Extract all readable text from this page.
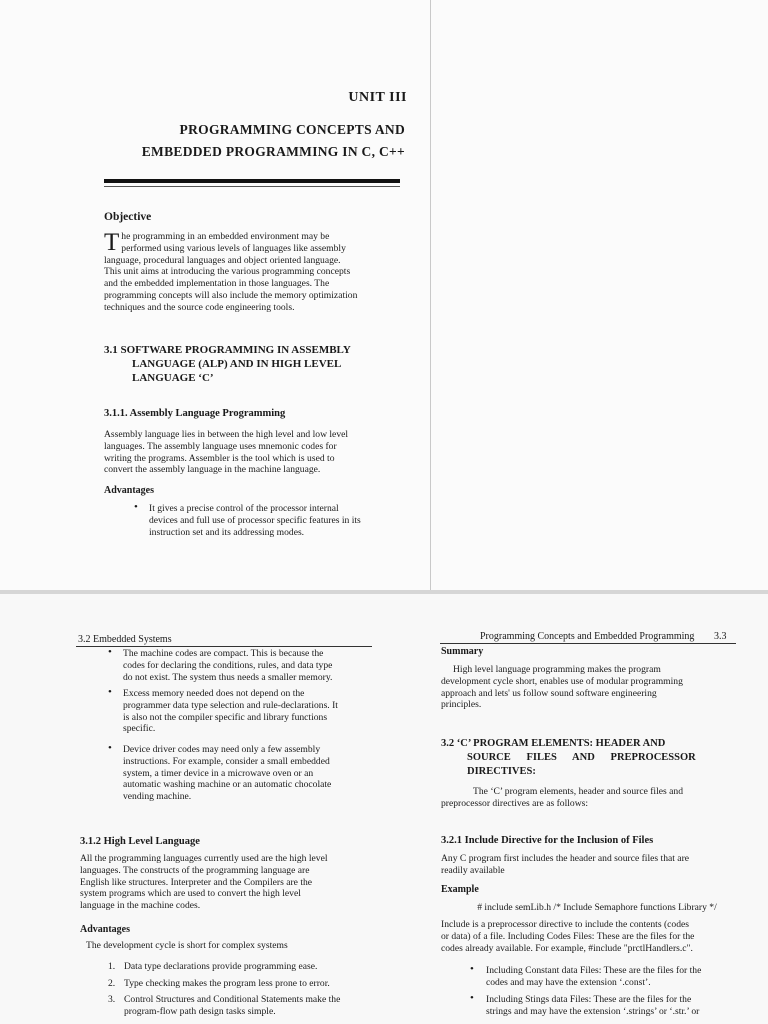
UNIT III
PROGRAMMING CONCEPTS AND
EMBEDDED PROGRAMMING IN C, C++
Objective
T he programming in an embedded environment may be
performed using various levels of languages like assembly
language, procedural languages and object oriented language.
This unit aims at introducing the various programming concepts
and the embedded implementation in those languages. The
programming concepts will also include the memory optimization
techniques and the source code engineering tools.
3.1 SOFTWARE PROGRAMMING IN ASSEMBLY
LANGUAGE (ALP) AND IN HIGH LEVEL
LANGUAGE ‘C’
3.1.1. Assembly Language Programming
Assembly language lies in between the high level and low level
languages. The assembly language uses mnemonic codes for
writing the programs. Assembler is the tool which is used to
convert the assembly language in the machine language.
Advantages
• It gives a precise control of the processor internal
devices and full use of processor specific features in its
instruction set and its addressing modes.
3.2 Embedded Systems
• The machine codes are compact. This is because the
codes for declaring the conditions, rules, and data type
do not exist. The system thus needs a smaller memory.
• Excess memory needed does not depend on the
programmer data type selection and rule-declarations. It
is also not the compiler specific and library functions
specific.
• Device driver codes may need only a few assembly
instructions. For example, consider a small embedded
system, a timer device in a microwave oven or an
automatic washing machine or an automatic chocolate
vending machine.
3.1.2 High Level Language
All the programming languages currently used are the high level
languages. The constructs of the programming language are
English like structures. Interpreter and the Compilers are the
system programs which are used to convert the high level
language in the machine codes.
Advantages
The development cycle is short for complex systems
1. Data type declarations provide programming ease.
2. Type checking makes the program less prone to error.
3. Control Structures and Conditional Statements make the
program-flow path design tasks simple.
Programming Concepts and Embedded Programming 3.3
Summary
High level language programming makes the program
development cycle short, enables use of modular programming
approach and lets' us follow sound software engineering
principles.
3.2 ‘C’ PROGRAM ELEMENTS: HEADER AND
SOURCE      FILES      AND      PREPROCESSOR
DIRECTIVES:
The ‘C’ program elements, header and source files and
preprocessor directives are as follows:
3.2.1 Include Directive for the Inclusion of Files
Any C program first includes the header and source files that are
readily available
Example
# include semLib.h /* Include Semaphore functions Library */
Include is a preprocessor directive to include the contents (codes
or data) of a file. Including Codes Files: These are the files for the
codes already available. For example, #include "prctlHandlers.c".
• Including Constant data Files: These are the files for the
codes and may have the extension ‘.const’.
• Including Stings data Files: These are the files for the
strings and may have the extension ‘.strings’ or ‘.str.’ or
